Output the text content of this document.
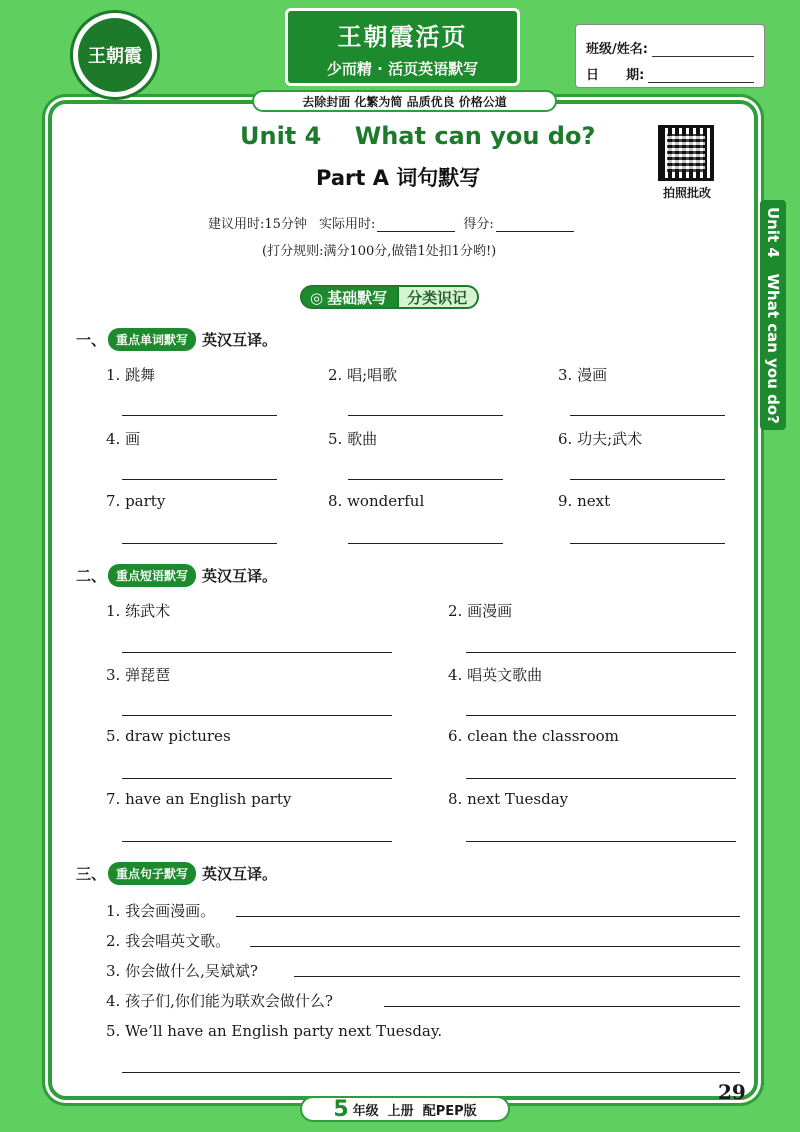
王朝霞
王朝霞活页
少而精 · 活页英语默写
去除封面 化繁为简 品质优良 价格公道
班级/姓名:
日      期:
拍照批改
Unit 4    What can you do?
Part A 词句默写
建议用时:15分钟 实际用时:	得分:
(打分规则:满分100分,做错1处扣1分哟!)
◎ 基础默写	分类识记	Unit 4   What can you do?
一、 重点单词默写 英汉互译。
1. 跳舞	2. 唱;唱歌	3. 漫画
4. 画	5. 歌曲	6. 功夫;武术
7. party	8. wonderful	9. next
二、 重点短语默写 英汉互译。
1. 练武术	2. 画漫画
3. 弹琵琶	4. 唱英文歌曲
5. draw pictures	6. clean the classroom
7. have an English party	8. next Tuesday
三、 重点句子默写 英汉互译。
1. 我会画漫画。
2. 我会唱英文歌。
3. 你会做什么,吴斌斌?
4. 孩子们,你们能为联欢会做什么?
5. We’ll have an English party next Tuesday.
5 年级  上册  配PEP版
29
